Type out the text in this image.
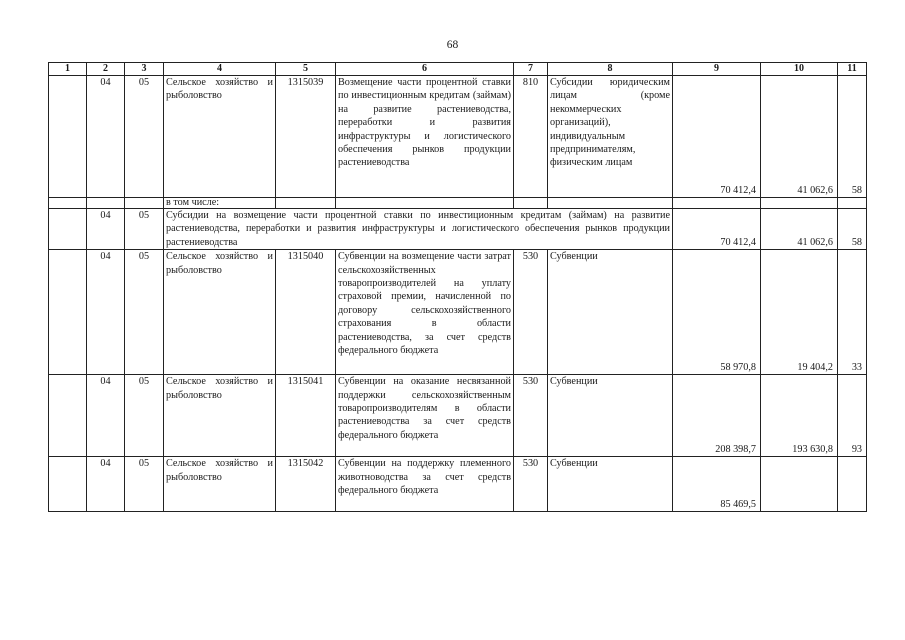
68
1	2	3	4	5	6	7	8	9	10	11
	04	05	Сельское хозяйство и рыболовство	1315039	Возмещение части процентной ставки по инвестиционным кредитам (займам) на развитие растениеводства, переработки и развития инфраструктуры и логистического обеспечения рынков продукции растениеводства	810	Субсидии юридическим лицам (кроме некоммерческих организаций), индивидуальным предпринимателям, физическим лицам	70 412,4	41 062,6	58
			в том числе:							
	04	05	Субсидии на возмещение части процентной ставки по инвестиционным кредитам (займам) на развитие растениеводства, переработки и развития инфраструктуры и логистического обеспечения рынков продукции растениеводства					70 412,4	41 062,6	58
	04	05	Сельское хозяйство и рыболовство	1315040	Субвенции на возмещение части затрат сельскохозяйственных товаропроизводителей на уплату страховой премии, начисленной по договору сельскохозяйственного страхования в области растениеводства, за счет средств федерального бюджета	530	Субвенции	58 970,8	19 404,2	33
	04	05	Сельское хозяйство и рыболовство	1315041	Субвенции на оказание несвязанной поддержки сельскохозяйственным товаропроизводителям в области растениеводства за счет средств федерального бюджета	530	Субвенции	208 398,7	193 630,8	93
	04	05	Сельское хозяйство и рыболовство	1315042	Субвенции на поддержку племенного животноводства за счет средств федерального бюджета	530	Субвенции	85 469,5		
